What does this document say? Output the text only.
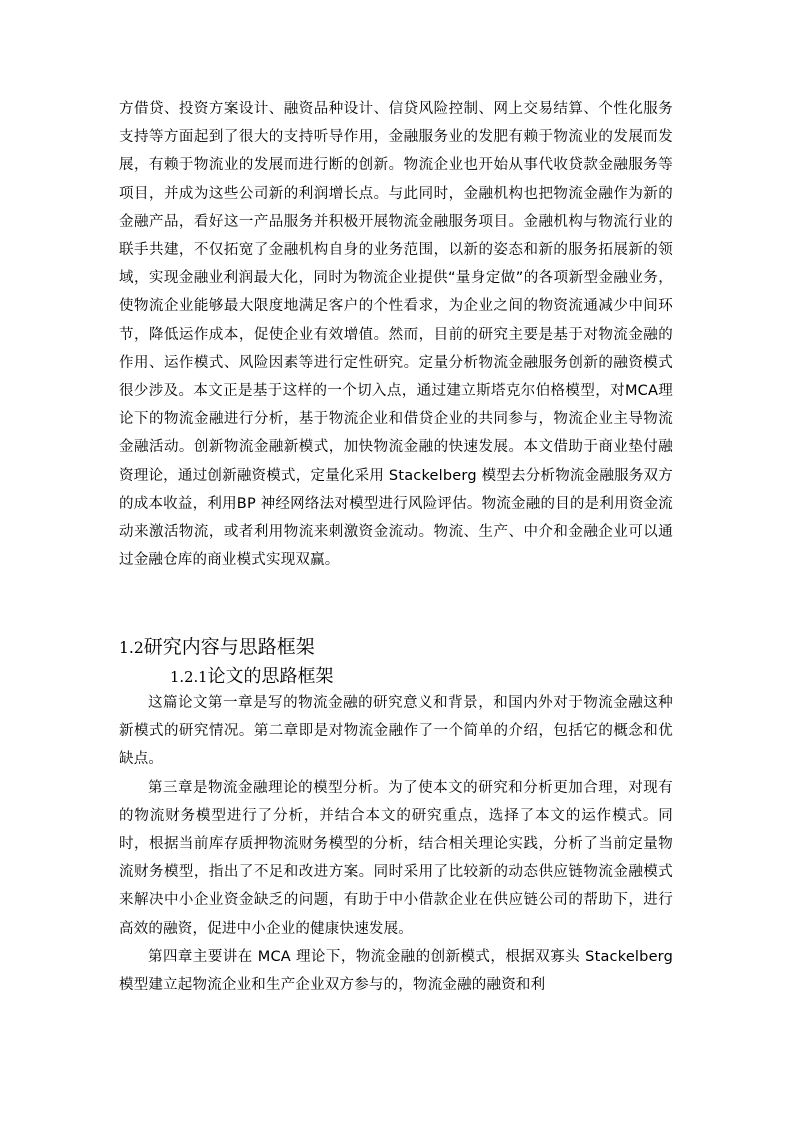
方借贷、投资方案设计、融资品种设计、信贷风险控制、网上交易结算、个性化服务支持等方面起到了很大的支持听导作用，金融服务业的发肥有赖于物流业的发展而发展，有赖于物流业的发展而进行断的创新。物流企业也开始从事代收贷款金融服务等项目，并成为这些公司新的利润增长点。与此同时，金融机构也把物流金融作为新的金融产品，看好这一产品服务并积极开展物流金融服务项目。金融机构与物流行业的联手共建，不仅拓宽了金融机构自身的业务范围，以新的姿态和新的服务拓展新的领域，实现金融业利润最大化，同时为物流企业提供“量身定做”的各项新型金融业务，使物流企业能够最大限度地满足客户的个性看求，为企业之间的物资流通减少中间环节，降低运作成本，促使企业有效增值。然而，目前的研究主要是基于对物流金融的作用、运作模式、风险因素等进行定性研究。定量分析物流金融服务创新的融资模式很少涉及。本文正是基于这样的一个切入点，通过建立斯塔克尔伯格模型，对MCA理论下的物流金融进行分析，基于物流企业和借贷企业的共同参与，物流企业主导物流金融活动。创新物流金融新模式，加快物流金融的快速发展。本文借助于商业垫付融资理论，通过创新融资模式，定量化采用 Stackelberg 模型去分析物流金融服务双方的成本收益，利用BP 神经网络法对模型进行风险评估。物流金融的目的是利用资金流动来激活物流，或者利用物流来刺激资金流动。物流、生产、中介和金融企业可以通过金融仓库的商业模式实现双赢。

1.2研究内容与思路框架
1.2.1论文的思路框架

这篇论文第一章是写的物流金融的研究意义和背景，和国内外对于物流金融这种新模式的研究情况。第二章即是对物流金融作了一个简单的介绍，包括它的概念和优缺点。

第三章是物流金融理论的模型分析。为了使本文的研究和分析更加合理，对现有的物流财务模型进行了分析，并结合本文的研究重点，选择了本文的运作模式。同时，根据当前库存质押物流财务模型的分析，结合相关理论实践，分析了当前定量物流财务模型，指出了不足和改进方案。同时采用了比较新的动态供应链物流金融模式来解决中小企业资金缺乏的问题，有助于中小借款企业在供应链公司的帮助下，进行高效的融资，促进中小企业的健康快速发展。

第四章主要讲在 MCA 理论下，物流金融的创新模式，根据双寡头 Stackelberg 模型建立起物流企业和生产企业双方参与的，物流金融的融资和利
